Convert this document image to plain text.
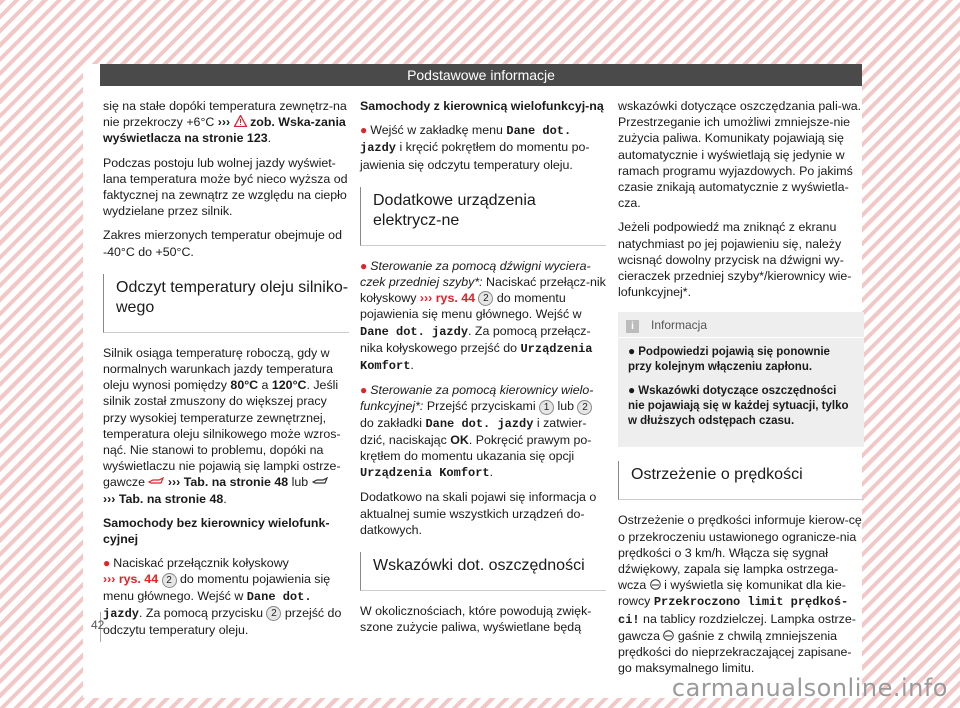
Podstawowe informacje

się na stałe dopóki temperatura zewnętrz-na nie przekroczy +6°C ›››  zob. Wska-zania wyświetlacza na stronie 123.

Podczas postoju lub wolnej jazdy wyświet-lana temperatura może być nieco wyższa od faktycznej na zewnątrz ze względu na ciepło wydzielane przez silnik.

Zakres mierzonych temperatur obejmuje od -40°C do +50°C.

Odczyt temperatury oleju silniko-wego

Silnik osiąga temperaturę roboczą, gdy w normalnych warunkach jazdy temperatura oleju wynosi pomiędzy 80°C a 120°C. Jeśli silnik został zmuszony do większej pracy przy wysokiej temperaturze zewnętrznej, temperatura oleju silnikowego może wzros-nąć. Nie stanowi to problemu, dopóki na wyświetlaczu nie pojawią się lampki ostrze-gawcze  ››› Tab. na stronie 48 lub
››› Tab. na stronie 48.

Samochody bez kierownicy wielofunk-cyjnej

● Naciskać przełącznik kołyskowy
››› rys. 44 2 do momentu pojawienia się menu głównego. Wejść w Dane dot. jazdy. Za pomocą przycisku 2 przejść do odczytu temperatury oleju.

Samochody z kierownicą wielofunkcyj-ną

● Wejść w zakładkę menu Dane dot. jazdy i kręcić pokrętłem do momentu po-jawienia się odczytu temperatury oleju.

Dodatkowe urządzenia elektrycz-ne

● Sterowanie za pomocą dźwigni wyciera-czek przedniej szyby*: Naciskać przełącz-nik kołyskowy ››› rys. 44 2 do momentu pojawienia się menu głównego. Wejść w Dane dot. jazdy. Za pomocą przełącz-nika kołyskowego przejść do Urządzenia Komfort.

● Sterowanie za pomocą kierownicy wielo-funkcyjnej*: Przejść przyciskami 1 lub 2 do zakładki Dane dot. jazdy i zatwier-dzić, naciskając OK. Pokręcić prawym po-krętłem do momentu ukazania się opcji Urządzenia Komfort.

Dodatkowo na skali pojawi się informacja o aktualnej sumie wszystkich urządzeń do-datkowych.

Wskazówki dot. oszczędności

W okolicznościach, które powodują zwięk-szone zużycie paliwa, wyświetlane będą

wskazówki dotyczące oszczędzania pali-wa. Przestrzeganie ich umożliwi zmniejsze-nie zużycia paliwa. Komunikaty pojawiają się automatycznie i wyświetlają się jedynie w ramach programu wyjazdowych. Po jakimś czasie znikają automatycznie z wyświetla-cza.

Jeżeli podpowiedź ma zniknąć z ekranu natychmiast po jej pojawieniu się, należy wcisnąć dowolny przycisk na dźwigni wy-cieraczek przedniej szyby*/kierownicy wie-lofunkcyjnej*.

i Informacja

● Podpowiedzi pojawią się ponownie przy kolejnym włączeniu zapłonu.

● Wskazówki dotyczące oszczędności nie pojawiają się w każdej sytuacji, tylko w dłuższych odstępach czasu.

Ostrzeżenie o prędkości

Ostrzeżenie o prędkości informuje kierow-cę o przekroczeniu ustawionego ogranicze-nia prędkości o 3 km/h. Włącza się sygnał dźwiękowy, zapala się lampka ostrzega-wcza  i wyświetla się komunikat dla kie-rowcy Przekroczono limit prędkoś-ci! na tablicy rozdzielczej. Lampka ostrze-gawcza  gaśnie z chwilą zmniejszenia prędkości do nieprzekraczającej zapisane-go maksymalnego limitu.

42
carmanualsonline.info
